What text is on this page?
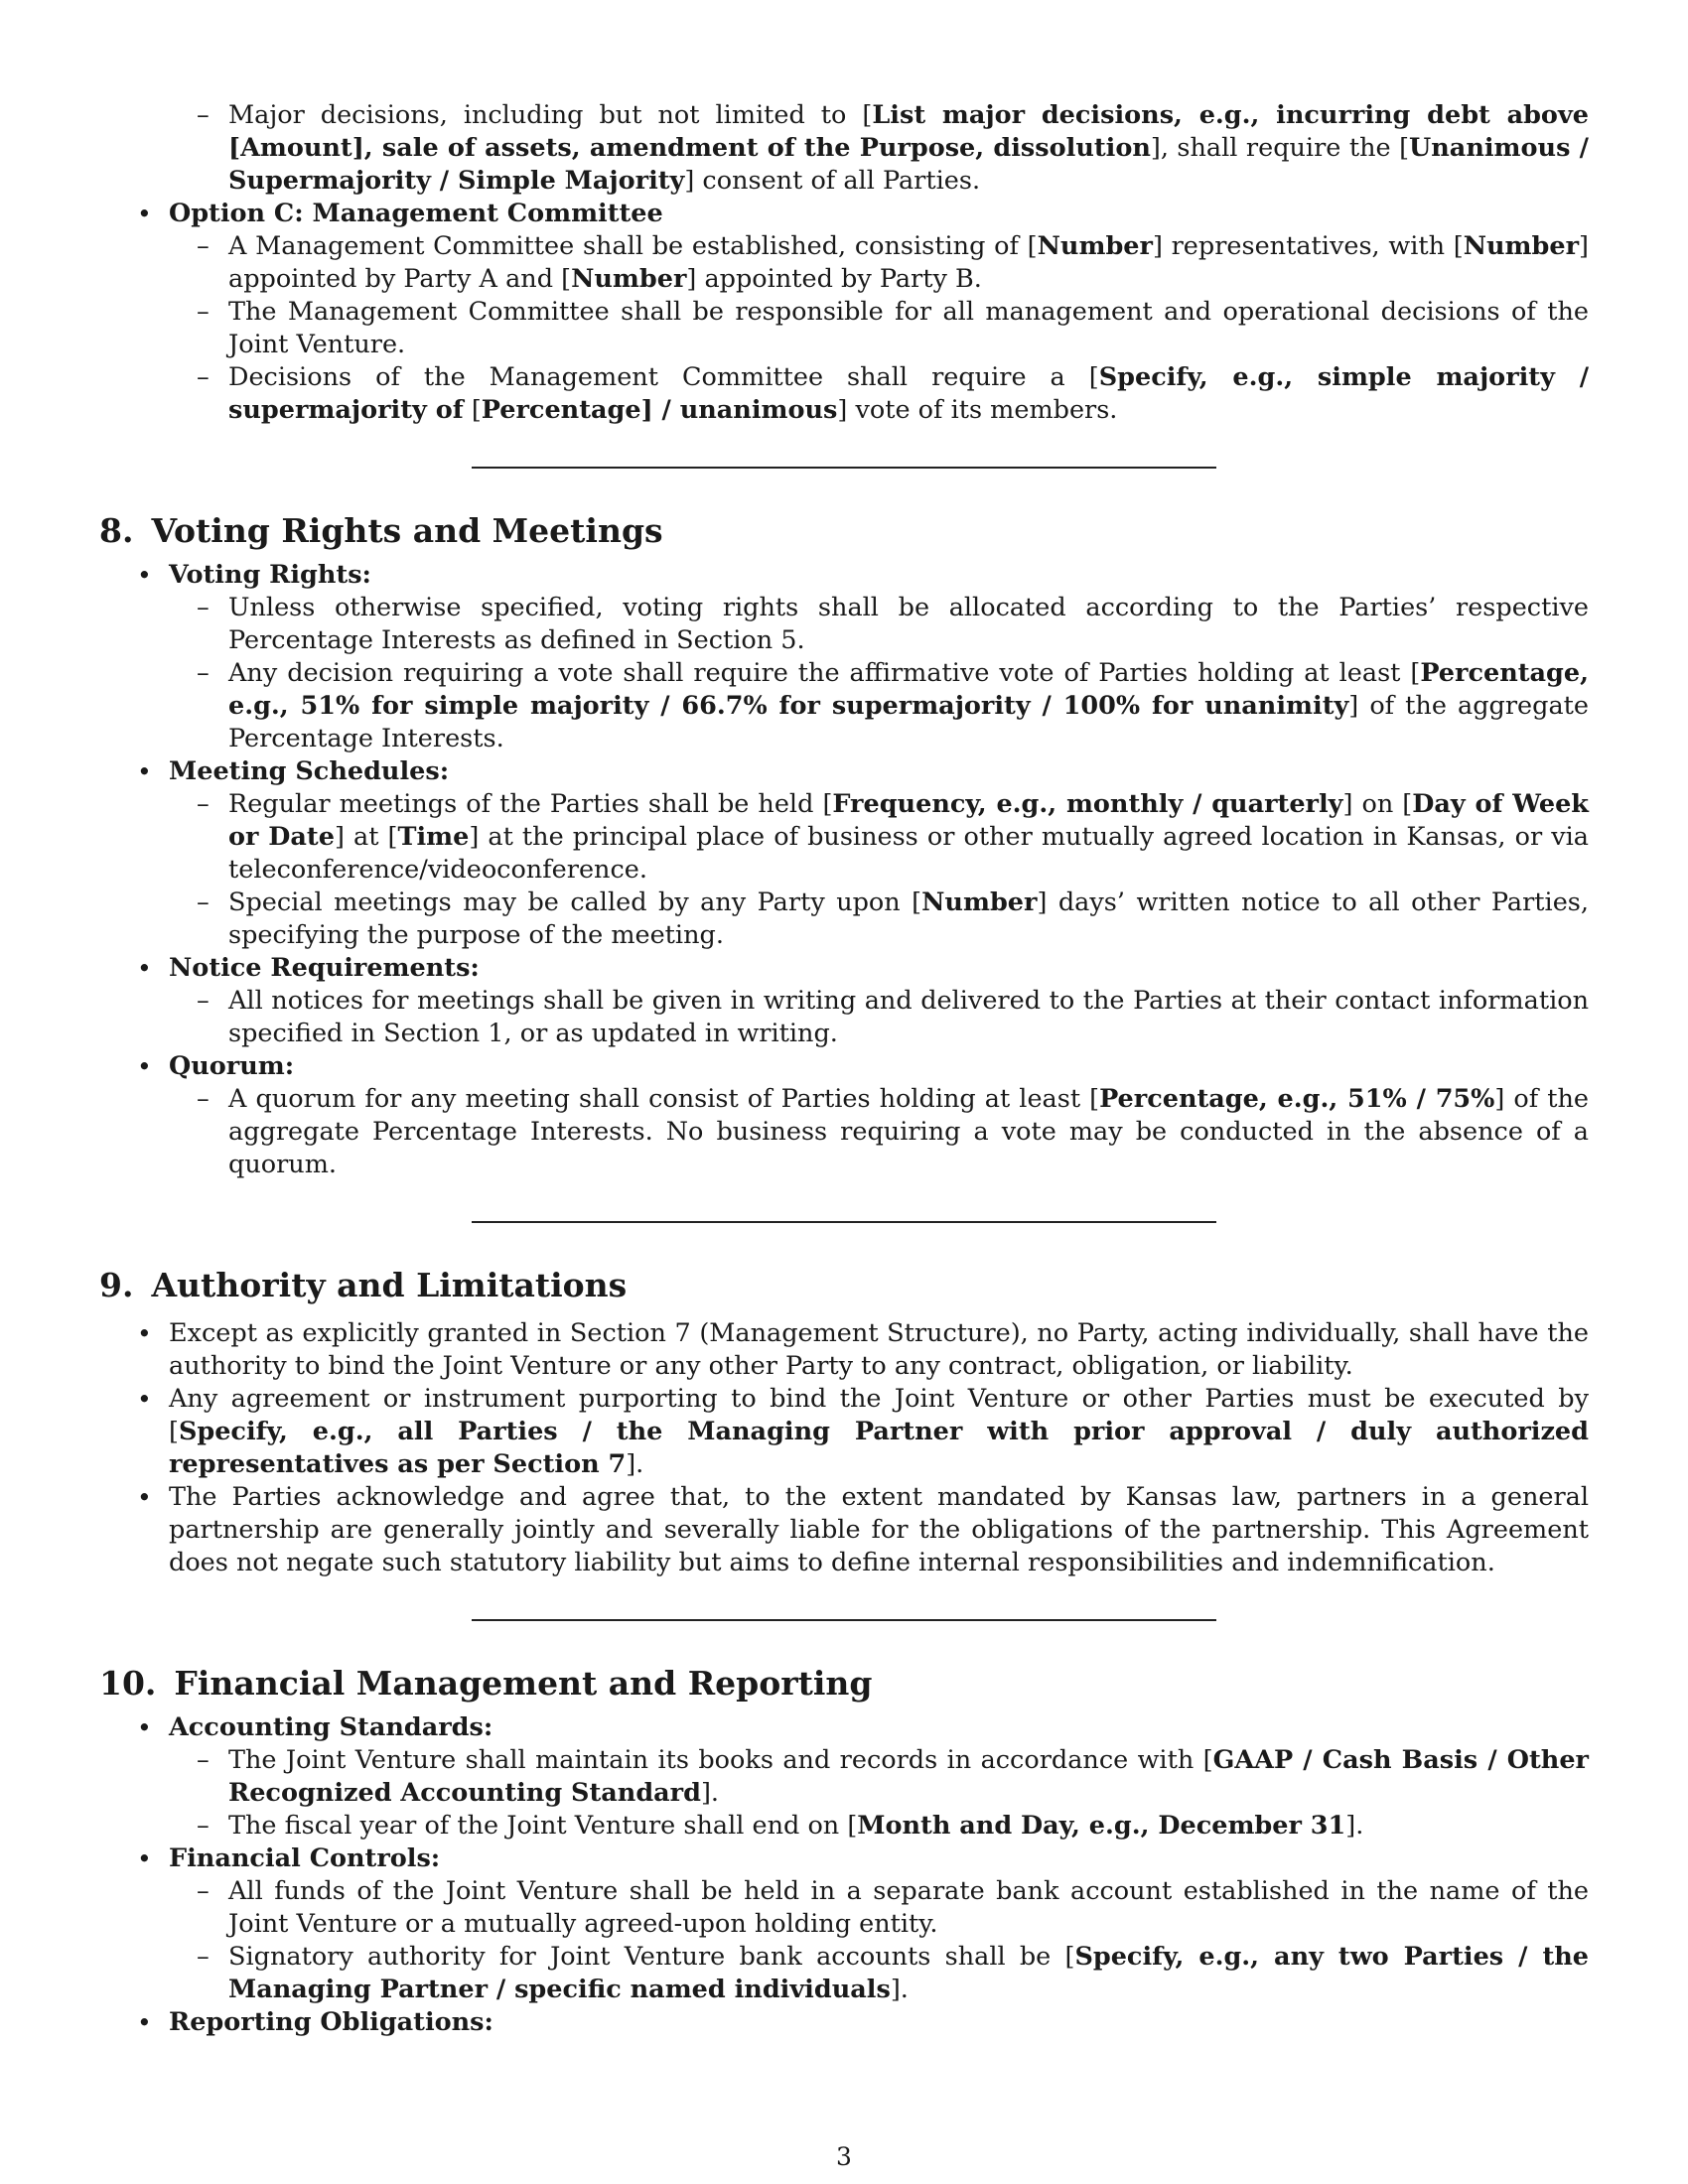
– Major decisions, including but not limited to [List major decisions, e.g., incurring debt above [Amount], sale of assets, amendment of the Purpose, dissolution], shall require the [Unanimous / Supermajority / Simple Majority] consent of all Parties.
• Option C: Management Committee
– A Management Committee shall be established, consisting of [Number] representatives, with [Number] appointed by Party A and [Number] appointed by Party B.
– The Management Committee shall be responsible for all management and operational decisions of the Joint Venture.
– Decisions of the Management Committee shall require a [Specify, e.g., simple majority / supermajority of [Percentage] / unanimous] vote of its members.
8. Voting Rights and Meetings
• Voting Rights:
– Unless otherwise specified, voting rights shall be allocated according to the Parties’ respective Percentage Interests as defined in Section 5.
– Any decision requiring a vote shall require the affirmative vote of Parties holding at least [Percentage, e.g., 51% for simple majority / 66.7% for supermajority / 100% for unanimity] of the aggregate Percentage Interests.
• Meeting Schedules:
– Regular meetings of the Parties shall be held [Frequency, e.g., monthly / quarterly] on [Day of Week or Date] at [Time] at the principal place of business or other mutually agreed location in Kansas, or via teleconference/videoconference.
– Special meetings may be called by any Party upon [Number] days’ written notice to all other Parties, specifying the purpose of the meeting.
• Notice Requirements:
– All notices for meetings shall be given in writing and delivered to the Parties at their contact information specified in Section 1, or as updated in writing.
• Quorum:
– A quorum for any meeting shall consist of Parties holding at least [Percentage, e.g., 51% / 75%] of the aggregate Percentage Interests. No business requiring a vote may be conducted in the absence of a quorum.
9. Authority and Limitations
• Except as explicitly granted in Section 7 (Management Structure), no Party, acting individually, shall have the authority to bind the Joint Venture or any other Party to any contract, obligation, or liability.
• Any agreement or instrument purporting to bind the Joint Venture or other Parties must be executed by [Specify, e.g., all Parties / the Managing Partner with prior approval / duly authorized representatives as per Section 7].
• The Parties acknowledge and agree that, to the extent mandated by Kansas law, partners in a general partnership are generally jointly and severally liable for the obligations of the partnership. This Agreement does not negate such statutory liability but aims to define internal responsibilities and indemnification.
10. Financial Management and Reporting
• Accounting Standards:
– The Joint Venture shall maintain its books and records in accordance with [GAAP / Cash Basis / Other Recognized Accounting Standard].
– The fiscal year of the Joint Venture shall end on [Month and Day, e.g., December 31].
• Financial Controls:
– All funds of the Joint Venture shall be held in a separate bank account established in the name of the Joint Venture or a mutually agreed-upon holding entity.
– Signatory authority for Joint Venture bank accounts shall be [Specify, e.g., any two Parties / the Managing Partner / specific named individuals].
• Reporting Obligations:
3
